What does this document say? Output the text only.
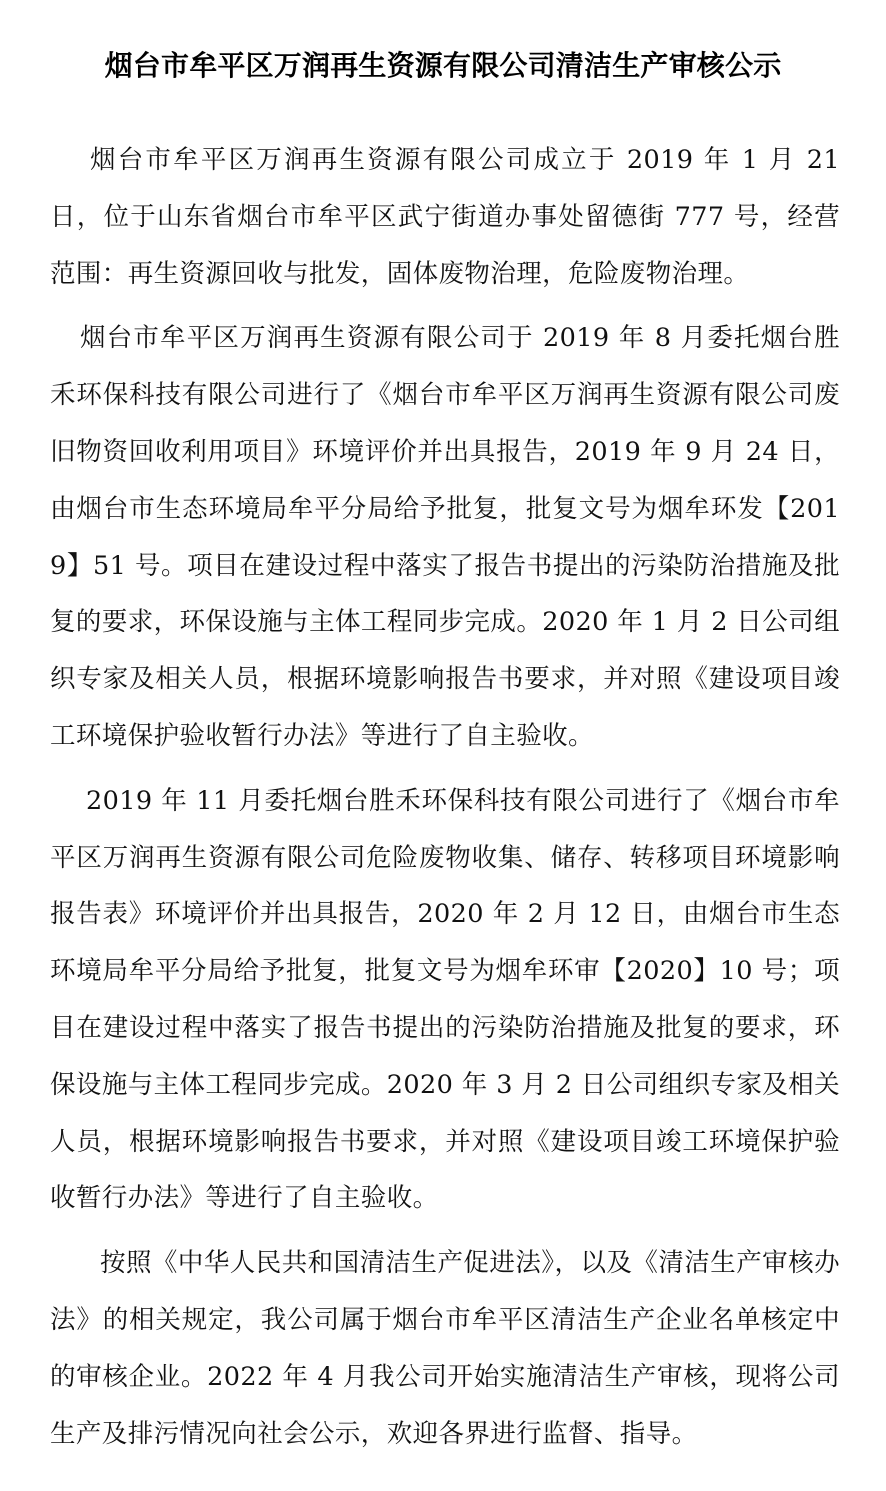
烟台市牟平区万润再生资源有限公司清洁生产审核公示

烟台市牟平区万润再生资源有限公司成立于 2019 年 1 月 21 日，位于山东省烟台市牟平区武宁街道办事处留德街 777 号，经营范围：再生资源回收与批发，固体废物治理，危险废物治理。

烟台市牟平区万润再生资源有限公司于 2019 年 8 月委托烟台胜禾环保科技有限公司进行了《烟台市牟平区万润再生资源有限公司废旧物资回收利用项目》环境评价并出具报告，2019 年 9 月 24 日，由烟台市生态环境局牟平分局给予批复，批复文号为烟牟环发【2019】51 号。项目在建设过程中落实了报告书提出的污染防治措施及批复的要求，环保设施与主体工程同步完成。2020 年 1 月 2 日公司组织专家及相关人员，根据环境影响报告书要求，并对照《建设项目竣工环境保护验收暂行办法》等进行了自主验收。

2019 年 11 月委托烟台胜禾环保科技有限公司进行了《烟台市牟平区万润再生资源有限公司危险废物收集、储存、转移项目环境影响报告表》环境评价并出具报告，2020 年 2 月 12 日，由烟台市生态环境局牟平分局给予批复，批复文号为烟牟环审【2020】10 号；项目在建设过程中落实了报告书提出的污染防治措施及批复的要求，环保设施与主体工程同步完成。2020 年 3 月 2 日公司组织专家及相关人员，根据环境影响报告书要求，并对照《建设项目竣工环境保护验收暂行办法》等进行了自主验收。

按照《中华人民共和国清洁生产促进法》，以及《清洁生产审核办法》的相关规定，我公司属于烟台市牟平区清洁生产企业名单核定中的审核企业。2022 年 4 月我公司开始实施清洁生产审核，现将公司生产及排污情况向社会公示，欢迎各界进行监督、指导。
